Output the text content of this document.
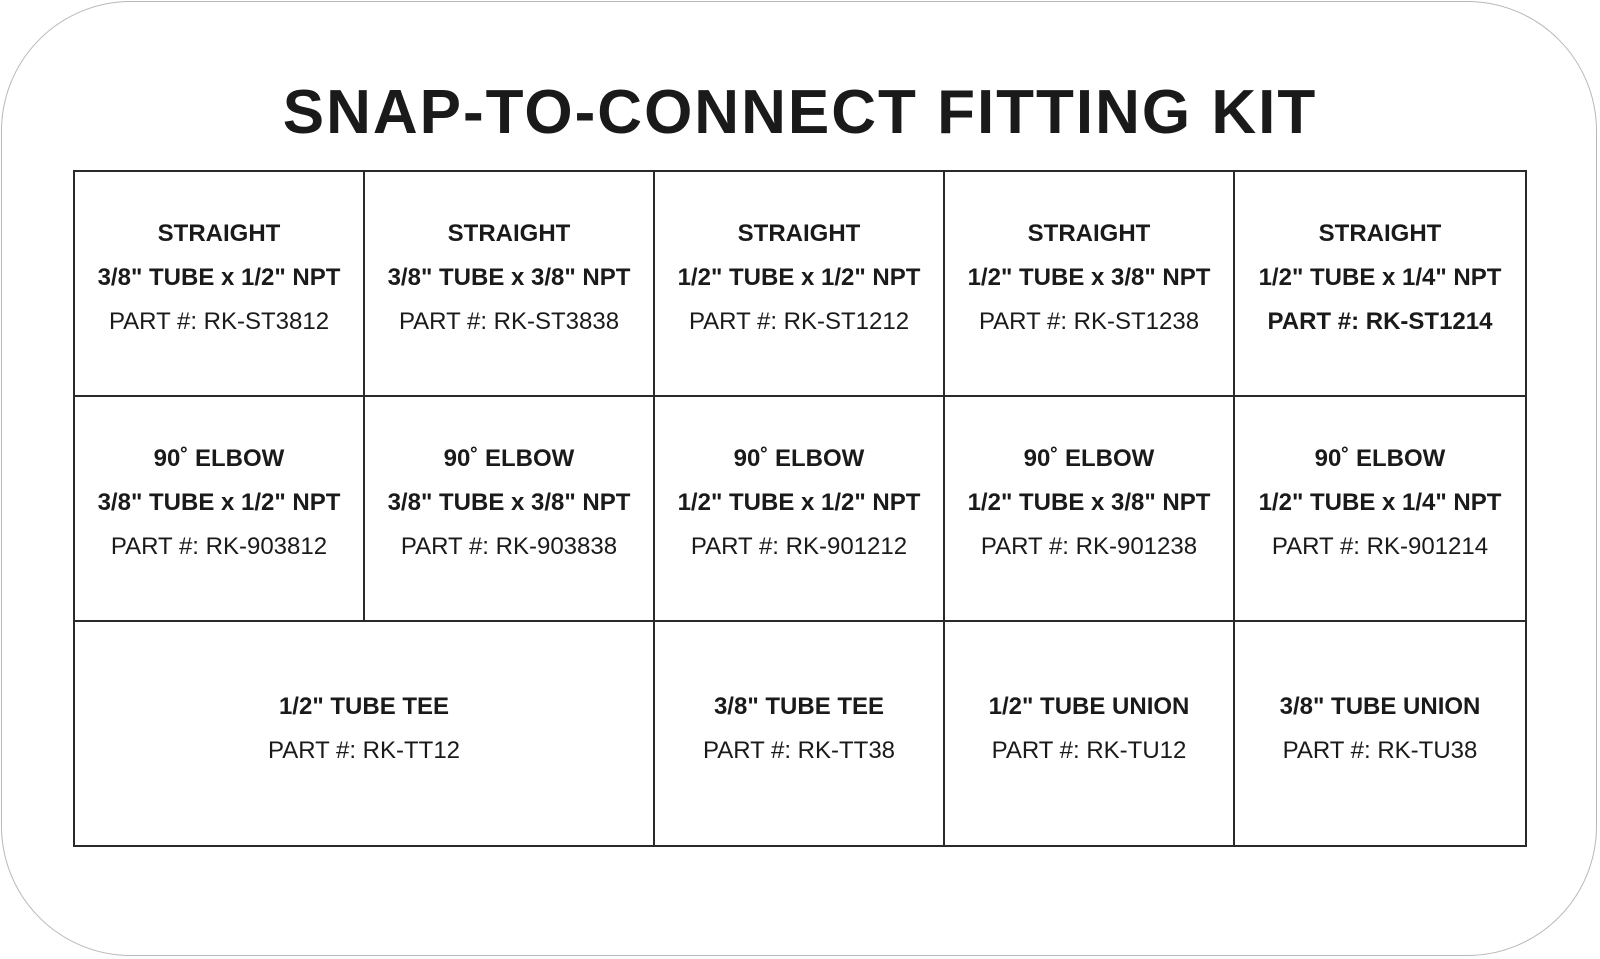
SNAP-TO-CONNECT FITTING KIT
STRAIGHT
3/8" TUBE x 1/2" NPT
PART #: RK-ST3812
STRAIGHT
3/8" TUBE x 3/8" NPT
PART #: RK-ST3838
STRAIGHT
1/2" TUBE x 1/2" NPT
PART #: RK-ST1212
STRAIGHT
1/2" TUBE x 3/8" NPT
PART #: RK-ST1238
STRAIGHT
1/2" TUBE x 1/4" NPT
PART #: RK-ST1214
90˚ ELBOW
3/8" TUBE x 1/2" NPT
PART #: RK-903812
90˚ ELBOW
3/8" TUBE x 3/8" NPT
PART #: RK-903838
90˚ ELBOW
1/2" TUBE x 1/2" NPT
PART #: RK-901212
90˚ ELBOW
1/2" TUBE x 3/8" NPT
PART #: RK-901238
90˚ ELBOW
1/2" TUBE x 1/4" NPT
PART #: RK-901214
1/2" TUBE TEE
PART #: RK-TT12
3/8" TUBE TEE
PART #: RK-TT38
1/2" TUBE UNION
PART #: RK-TU12
3/8" TUBE UNION
PART #: RK-TU38
